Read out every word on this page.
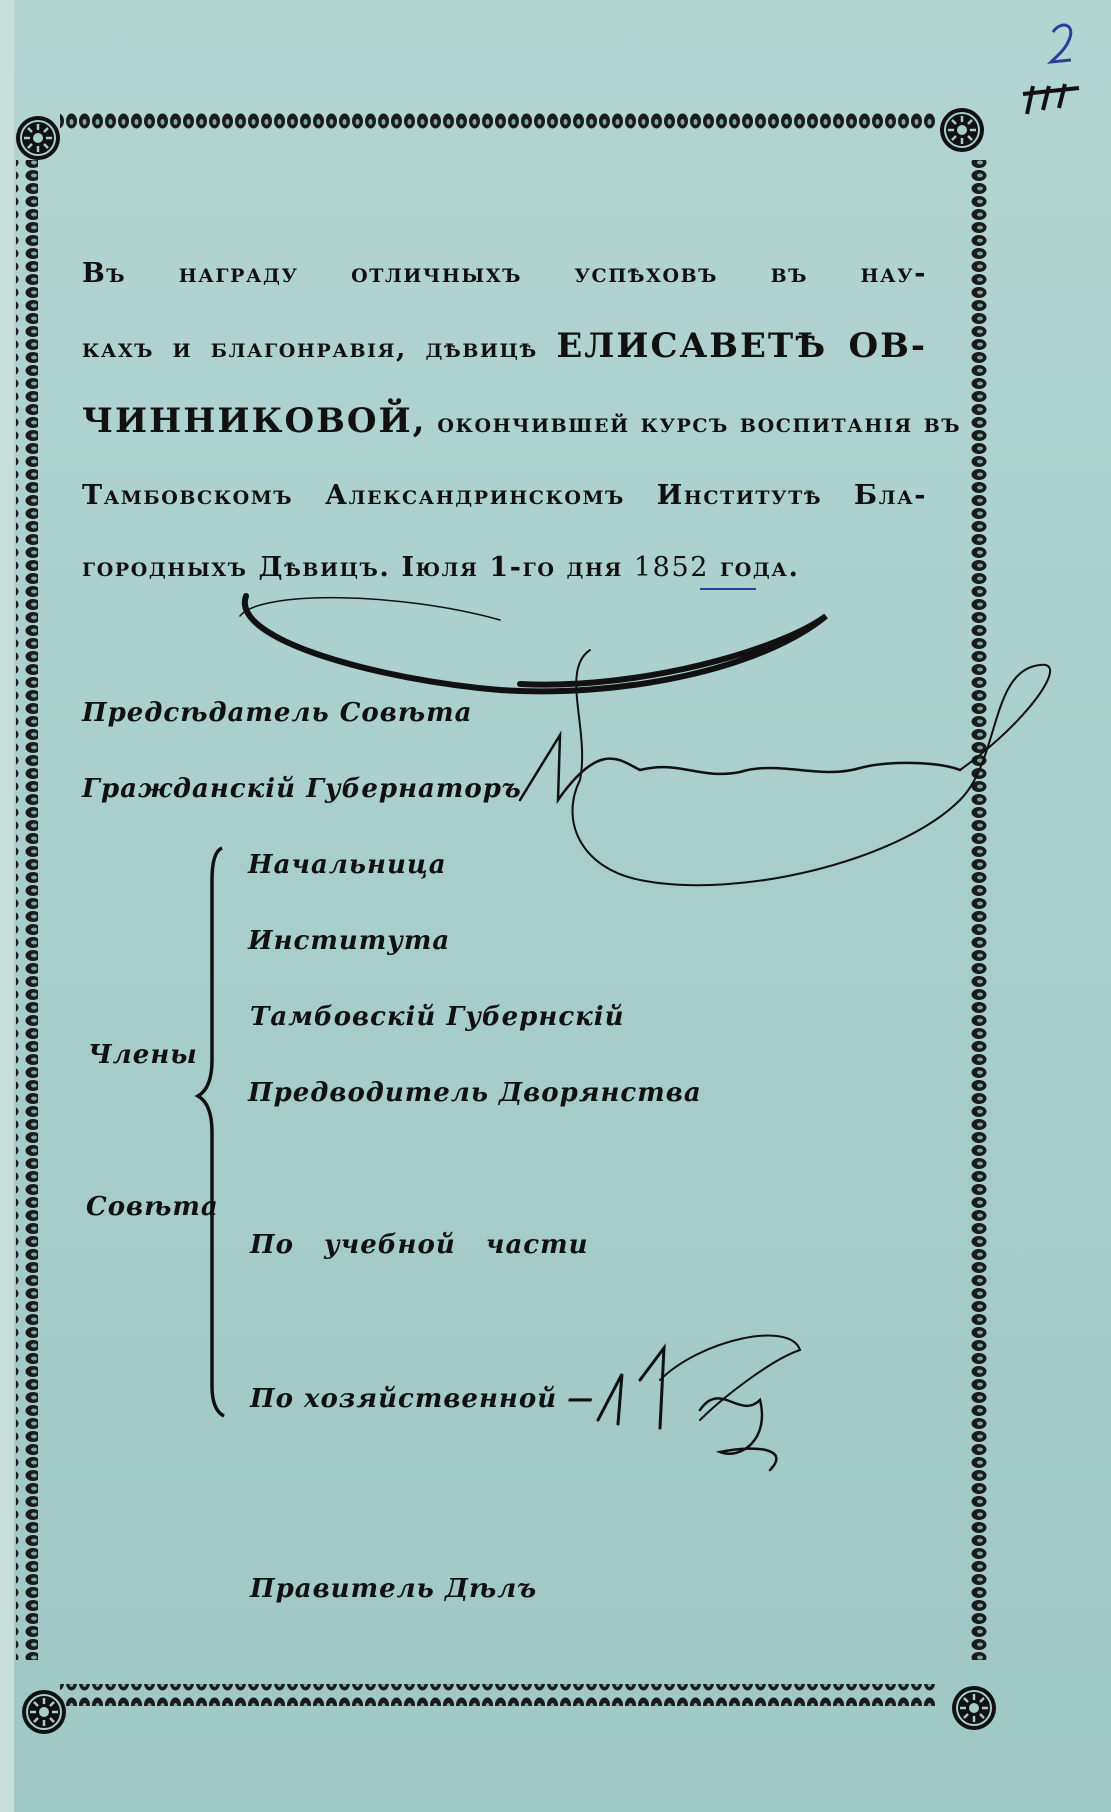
Въ награду отличныхъ успѣховъ въ нау-
кахъ и благонравія, дѣвицѣ ЕЛИСАВЕТѢ ОВ-
ЧИННИКОВОЙ, окончившей курсъ воспитанія въ
Тамбовскомъ Александринскомъ Институтѣ Бла-
городныхъ Дѣвицъ. Іюля 1-го дня 1852 года.
Предсѣдатель Совѣта
Гражданскій Губернаторъ
Члены
Совѣта
Начальница
Института
Тамбовскій Губернскій
Предводитель Дворянства
По   учебной   части
По хозяйственной —
Правитель Дѣлъ
